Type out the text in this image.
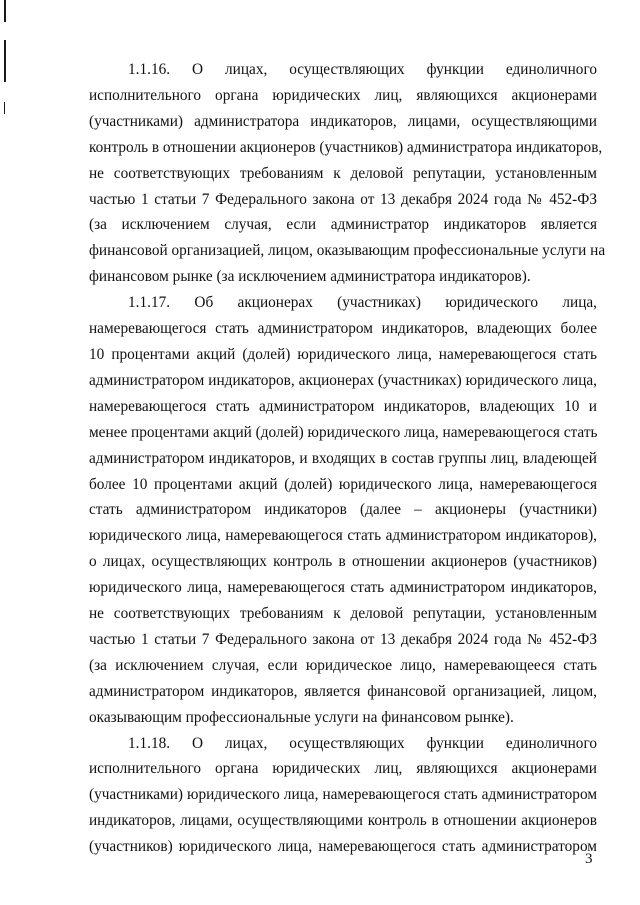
1.1.16. О лицах, осуществляющих функции единоличного
исполнительного органа юридических лиц, являющихся акционерами
(участниками) администратора индикаторов, лицами, осуществляющими
контроль в отношении акционеров (участников) администратора индикаторов,
не соответствующих требованиям к деловой репутации, установленным
частью 1 статьи 7 Федерального закона от 13 декабря 2024 года № 452-ФЗ
(за исключением случая, если администратор индикаторов является
финансовой организацией, лицом, оказывающим профессиональные услуги на
финансовом рынке (за исключением администратора индикаторов).

1.1.17. Об акционерах (участниках) юридического лица,
намеревающегося стать администратором индикаторов, владеющих более
10 процентами акций (долей) юридического лица, намеревающегося стать
администратором индикаторов, акционерах (участниках) юридического лица,
намеревающегося стать администратором индикаторов, владеющих 10 и
менее процентами акций (долей) юридического лица, намеревающегося стать
администратором индикаторов, и входящих в состав группы лиц, владеющей
более 10 процентами акций (долей) юридического лица, намеревающегося
стать администратором индикаторов (далее – акционеры (участники)
юридического лица, намеревающегося стать администратором индикаторов),
о лицах, осуществляющих контроль в отношении акционеров (участников)
юридического лица, намеревающегося стать администратором индикаторов,
не соответствующих требованиям к деловой репутации, установленным
частью 1 статьи 7 Федерального закона от 13 декабря 2024 года № 452-ФЗ
(за исключением случая, если юридическое лицо, намеревающееся стать
администратором индикаторов, является финансовой организацией, лицом,
оказывающим профессиональные услуги на финансовом рынке).

1.1.18. О лицах, осуществляющих функции единоличного
исполнительного органа юридических лиц, являющихся акционерами
(участниками) юридического лица, намеревающегося стать администратором
индикаторов, лицами, осуществляющими контроль в отношении акционеров
(участников) юридического лица, намеревающегося стать администратором

3
